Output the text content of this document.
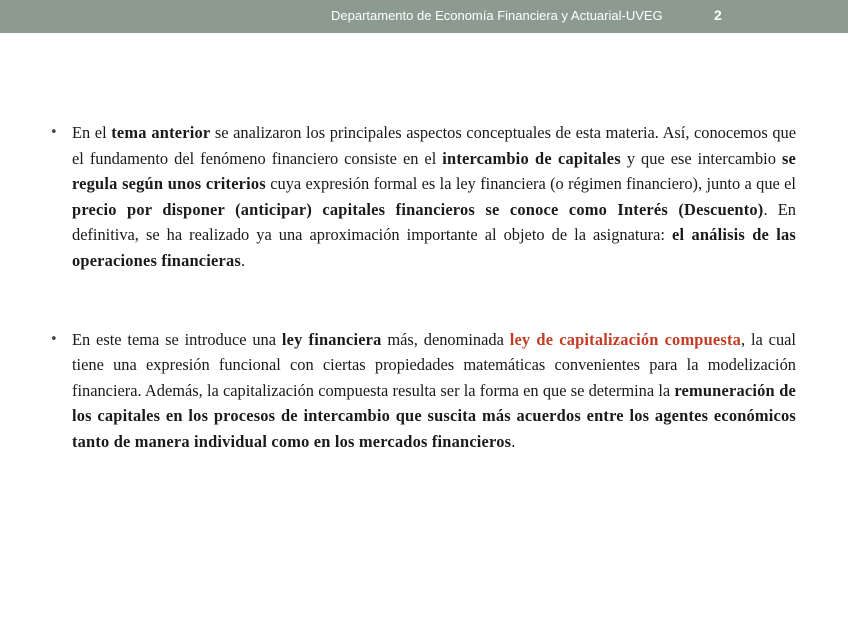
Departamento de Economía Financiera y Actuarial-UVEG	2
• En el tema anterior se analizaron los principales aspectos conceptuales de esta materia. Así, conocemos que el fundamento del fenómeno financiero consiste en el intercambio de capitales y que ese intercambio se regula según unos criterios cuya expresión formal es la ley financiera (o régimen financiero), junto a que el precio por disponer (anticipar) capitales financieros se conoce como Interés (Descuento). En definitiva, se ha realizado ya una aproximación importante al objeto de la asignatura: el análisis de las operaciones financieras.
• En este tema se introduce una ley financiera más, denominada ley de capitalización compuesta, la cual tiene una expresión funcional con ciertas propiedades matemáticas convenientes para la modelización financiera. Además, la capitalización compuesta resulta ser la forma en que se determina la remuneración de los capitales en los procesos de intercambio que suscita más acuerdos entre los agentes económicos tanto de manera individual como en los mercados financieros.
